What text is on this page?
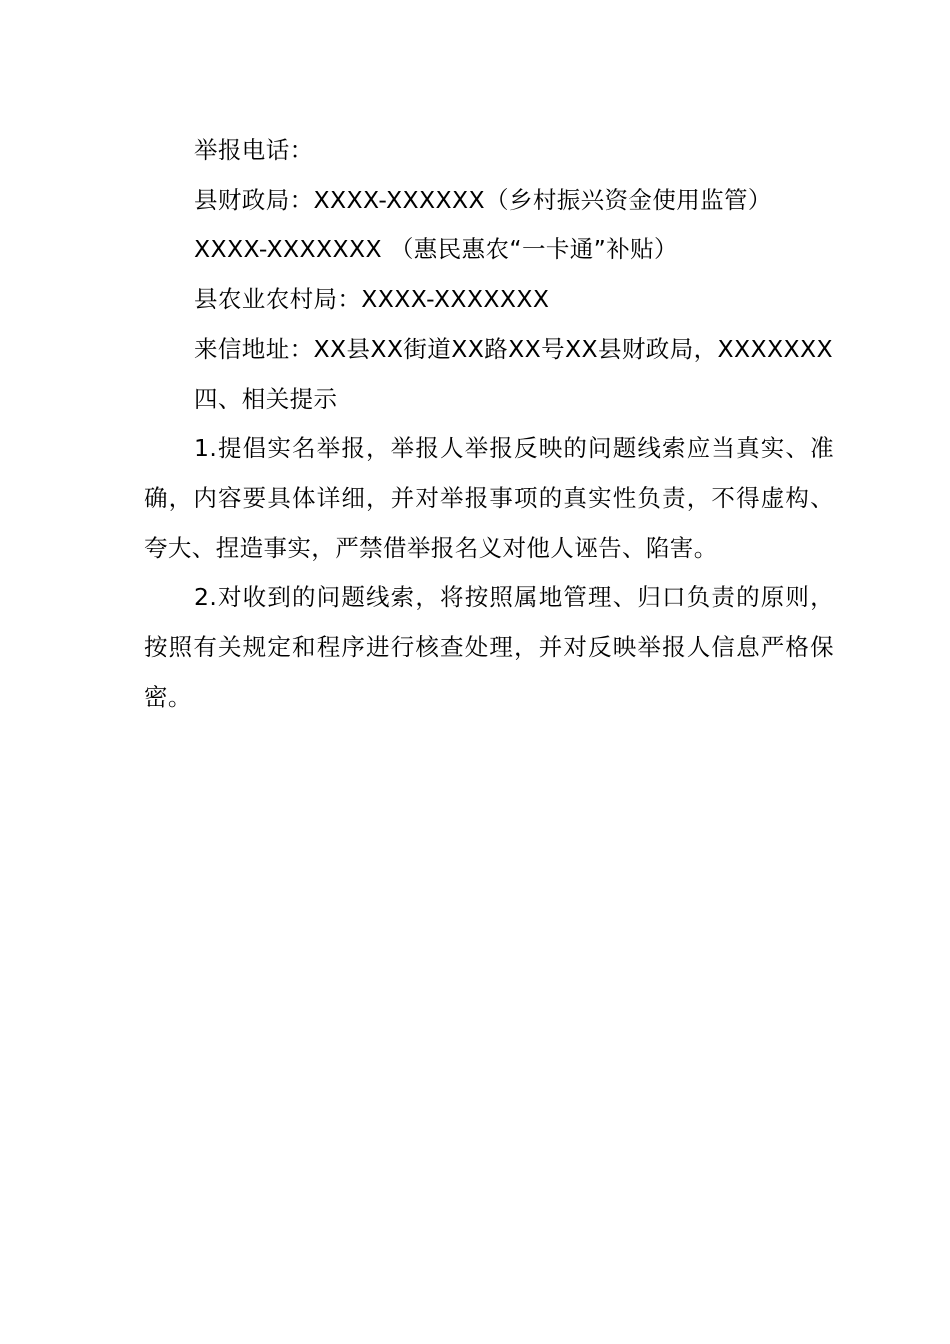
举报电话：

县财政局：XXXX-XXXXXX（乡村振兴资金使用监管）

XXXX-XXXXXXX （惠民惠农“一卡通”补贴）

县农业农村局：XXXX-XXXXXXX

来信地址：XX县XX街道XX路XX号XX县财政局，XXXXXXX

四、相关提示

1.提倡实名举报，举报人举报反映的问题线索应当真实、准确，内容要具体详细，并对举报事项的真实性负责，不得虚构、夸大、捏造事实，严禁借举报名义对他人诬告、陷害。

2.对收到的问题线索，将按照属地管理、归口负责的原则，按照有关规定和程序进行核查处理，并对反映举报人信息严格保密。
